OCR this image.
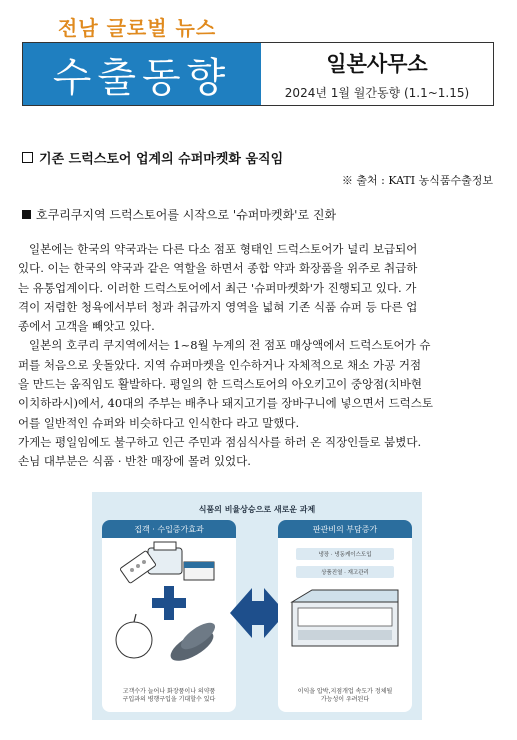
전남 글로벌 뉴스
수출동향	일본사무소
2024년 1월 월간동향 (1.1~1.15)
기존 드럭스토어 업계의 슈퍼마켓화 움직임
※ 출처 : KATI 농식품수출정보
호쿠리쿠지역 드럭스토어를 시작으로 '슈퍼마켓화'로 진화
일본에는 한국의 약국과는 다른 다소 점포 형태인 드럭스토어가 널리 보급되어
있다. 이는 한국의 약국과 같은 역할을 하면서 종합 약과 화장품을 위주로 취급하
는 유통업계이다. 이러한 드럭스토어에서 최근 '슈퍼마켓화'가 진행되고 있다. 가
격이 저렴한 청육에서부터 청과 취급까지 영역을 넓혀 기존 식품 슈퍼 등 다른 업
종에서 고객을 빼앗고 있다.
일본의 호쿠리 쿠지역에서는 1~8월 누계의 전 점포 매상액에서 드럭스토어가 슈
퍼를 처음으로 웃돌았다. 지역 슈퍼마켓을 인수하거나 자체적으로 채소 가공 거점
을 만드는 움직임도 활발하다. 평일의 한 드럭스토어의 아오키고이 중앙점(치바현
이치하라시)에서, 40대의 주부는 배추나 돼지고기를 장바구니에 넣으면서 드럭스토
어를 일반적인 슈퍼와 비슷하다고 인식한다 라고 말했다.
가게는 평일임에도 불구하고 인근 주민과 점심식사를 하러 온 직장인들로 붐볐다.
손님 대부분은 식품 · 반찬 매장에 몰려 있었다.
식품의 비율상승으로 새로운 과제
집객 · 수입증가효과
고객수가 늘어나 화장품이나 의약품
구입과의 병행구입을 기대할수 있다
판관비의 부담증가
냉장 · 냉동케이스도입
상품진열 · 재고관리
이익을 압박,지점개업 속도가 정체될
가능성이 우려된다
